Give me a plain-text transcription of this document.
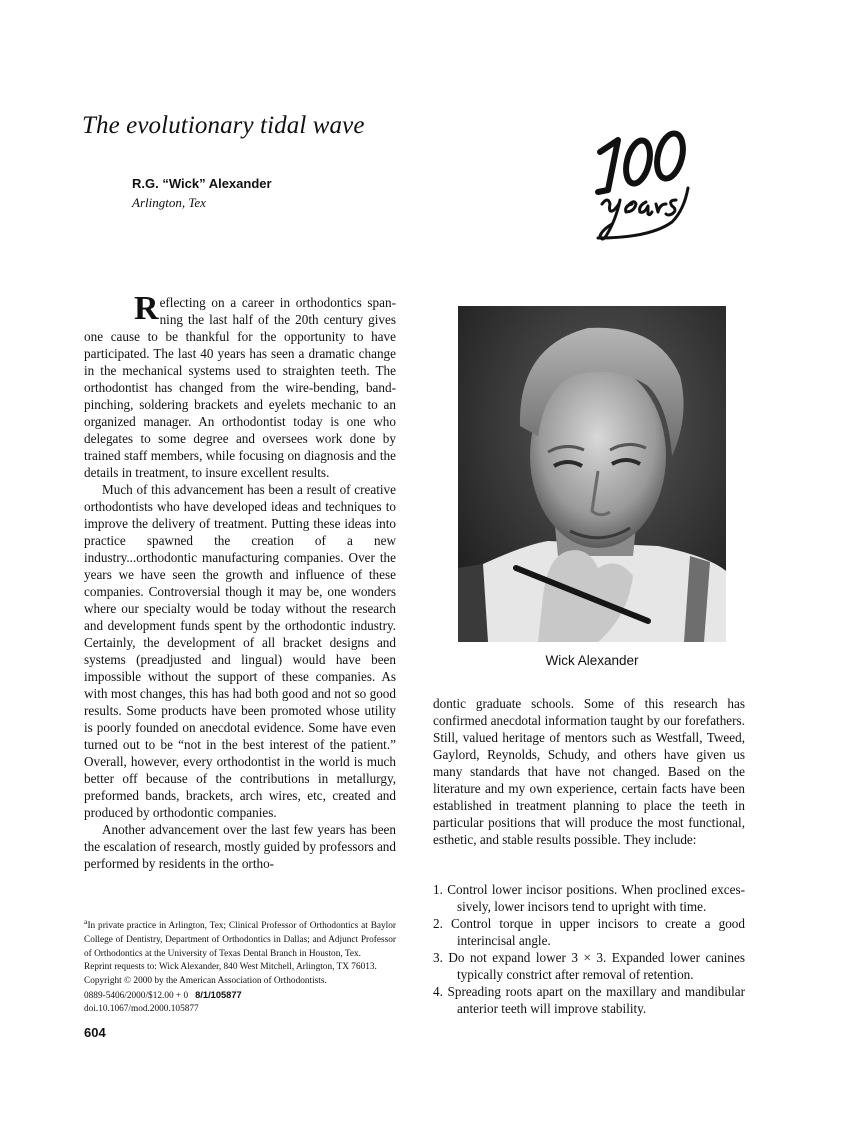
The evolutionary tidal wave
R.G. “Wick” Alexander
Arlington, Tex

Reflecting on a career in orthodontics spanning the last half of the 20th century gives one cause to be thankful for the opportunity to have participated. The last 40 years has seen a dramatic change in the mechanical systems used to straighten teeth. The orthodontist has changed from the wire-bending, band-pinching, soldering brackets and eyelets mechanic to an organized manager. An orthodontist today is one who delegates to some degree and oversees work done by trained staff members, while focusing on diagnosis and the details in treatment, to insure excellent results.

Much of this advancement has been a result of creative orthodontists who have developed ideas and techniques to improve the delivery of treatment. Putting these ideas into practice spawned the creation of a new industry...orthodontic manufacturing companies. Over the years we have seen the growth and influence of these companies. Controversial though it may be, one wonders where our specialty would be today without the research and development funds spent by the orthodontic industry. Certainly, the development of all bracket designs and systems (preadjusted and lingual) would have been impossible without the support of these companies. As with most changes, this has had both good and not so good results. Some products have been promoted whose utility is poorly founded on anecdotal evidence. Some have even turned out to be “not in the best interest of the patient.” Overall, however, every orthodontist in the world is much better off because of the contributions in metallurgy, preformed bands, brackets, arch wires, etc, created and produced by orthodontic companies.

Another advancement over the last few years has been the escalation of research, mostly guided by professors and performed by residents in the ortho-

Wick Alexander

dontic graduate schools. Some of this research has confirmed anecdotal information taught by our forefathers. Still, valued heritage of mentors such as Westfall, Tweed, Gaylord, Reynolds, Schudy, and others have given us many standards that have not changed. Based on the literature and my own experience, certain facts have been established in treatment planning to place the teeth in particular positions that will produce the most functional, esthetic, and stable results possible. They include:

1. Control lower incisor positions. When proclined excessively, lower incisors tend to upright with time.

2. Control torque in upper incisors to create a good interincisal angle.

3. Do not expand lower 3 × 3. Expanded lower canines typically constrict after removal of retention.

4. Spreading roots apart on the maxillary and mandibular anterior teeth will improve stability.

$^a$In private practice in Arlington, Tex; Clinical Professor of Orthodontics at Baylor College of Dentistry, Department of Orthodontics in Dallas; and Adjunct Professor of Orthodontics at the University of Texas Dental Branch in Houston, Tex.

Reprint requests to: Wick Alexander, 840 West Mitchell, Arlington, TX 76013.

Copyright © 2000 by the American Association of Orthodontists.

0889-5406/2000/$12.00 + 0 8/1/105877

doi.10.1067/mod.2000.105877

604
